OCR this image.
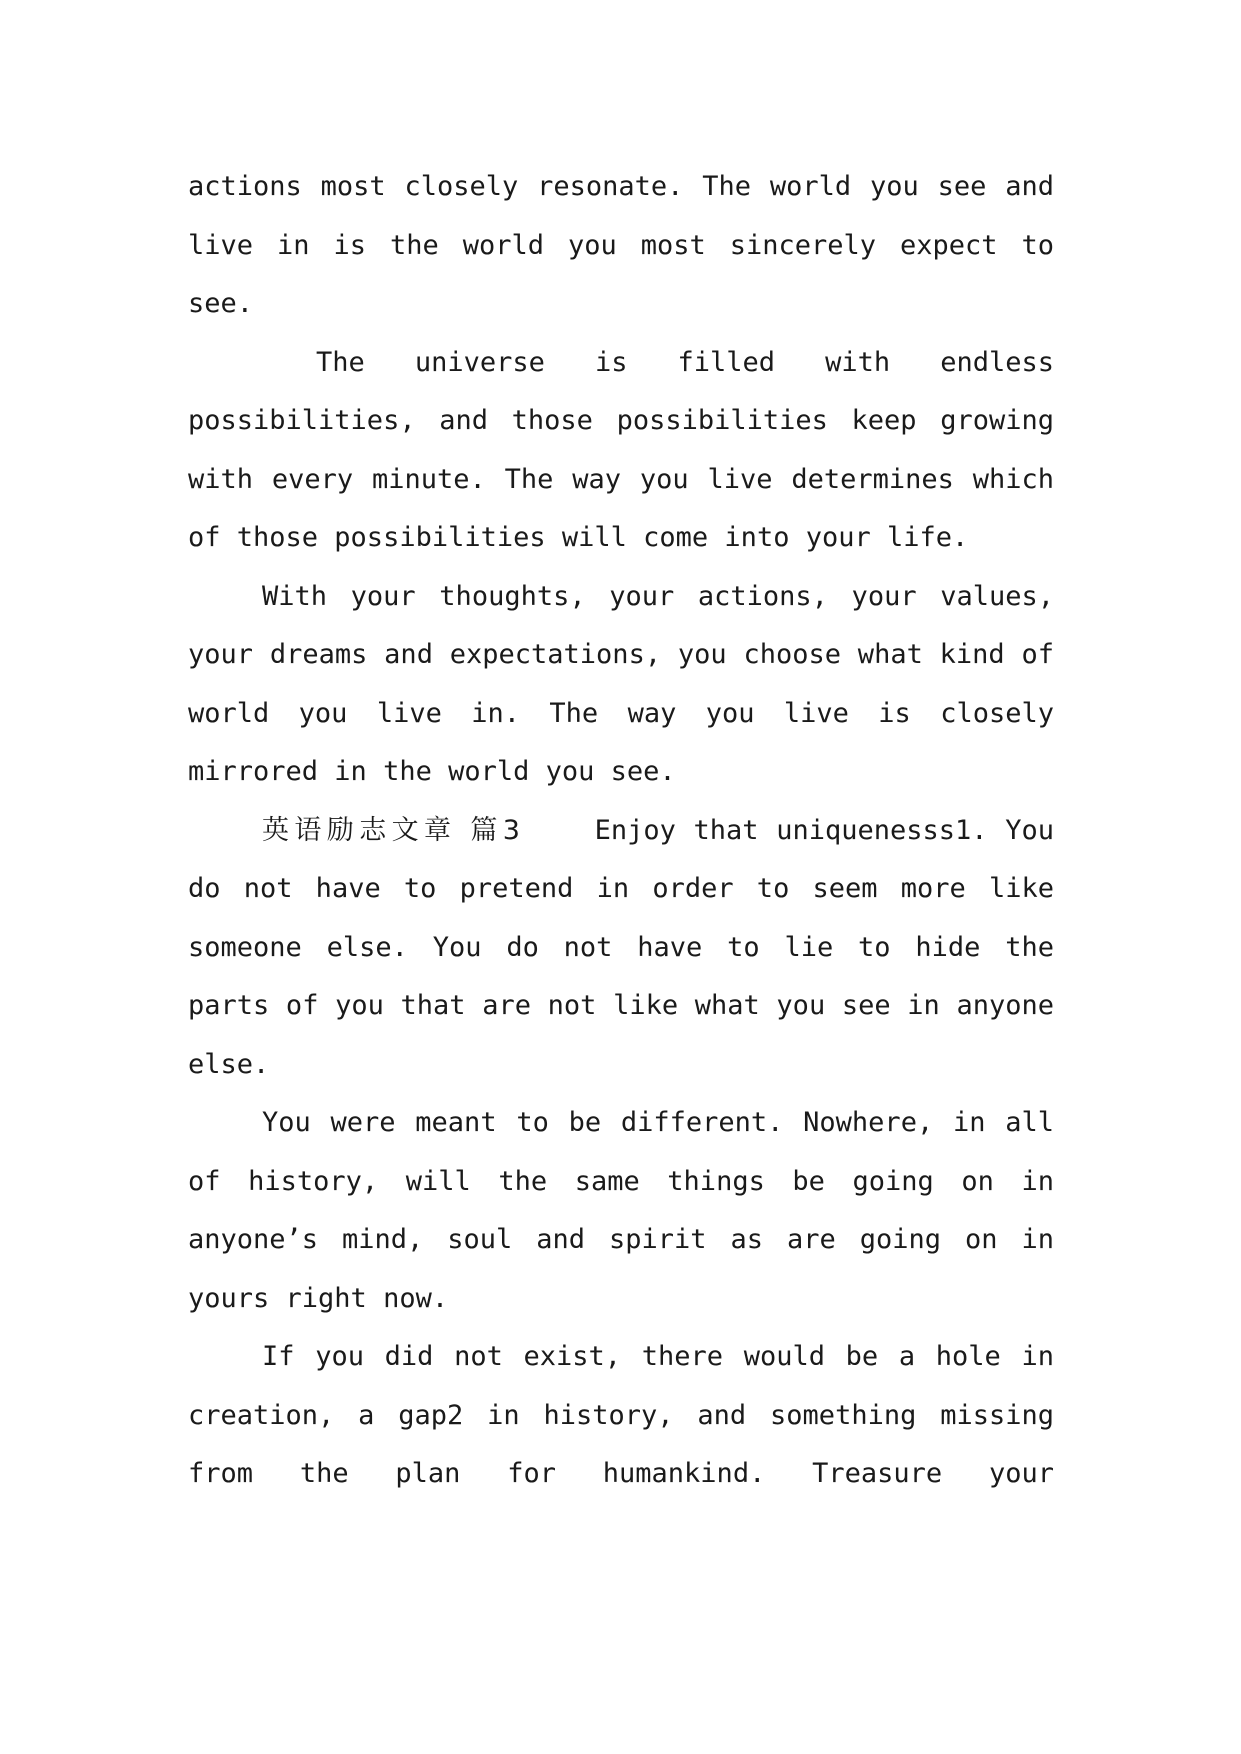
actions most closely resonate. The world you see and live in is the world you most sincerely expect to see.

The universe is filled with endless possibilities, and those possibilities keep growing with every minute. The way you live determines which of those possibilities will come into your life.

With your thoughts, your actions, your values, your dreams and expectations, you choose what kind of world you live in. The way you live is closely mirrored in the world you see.

英语励志文章 篇3	Enjoy that uniquenesss1. You do not have to pretend in order to seem more like someone else. You do not have to lie to hide the parts of you that are not like what you see in anyone else.

You were meant to be different. Nowhere, in all of history, will the same things be going on in anyone’s mind, soul and spirit as are going on in yours right now.

If you did not exist, there would be a hole in creation, a gap2 in history, and something missing from the plan for humankind. Treasure your
